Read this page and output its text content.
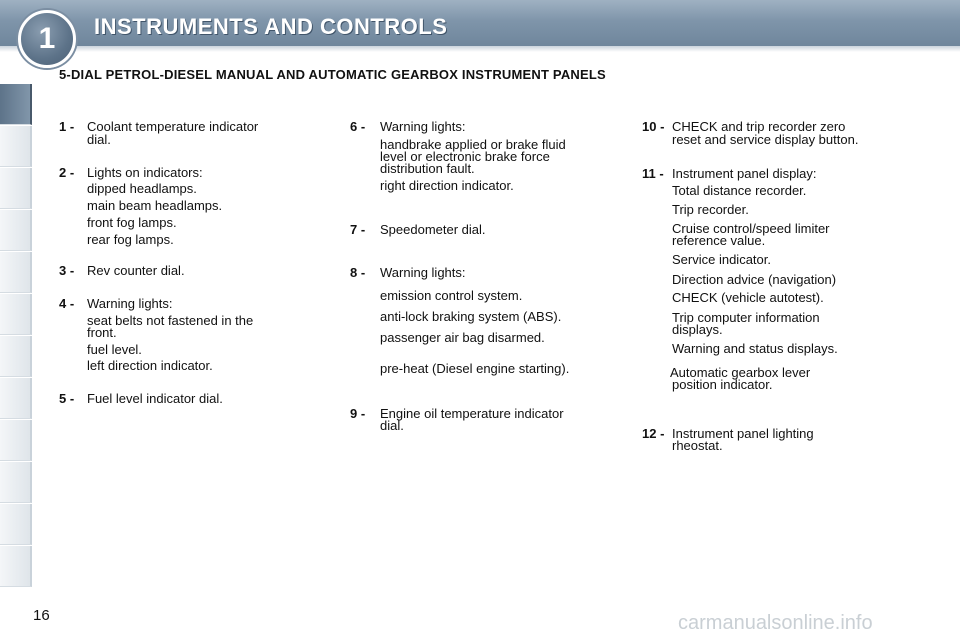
1 INSTRUMENTS AND CONTROLS
5-DIAL PETROL-DIESEL MANUAL AND AUTOMATIC GEARBOX INSTRUMENT PANELS
1 - Coolant temperature indicator
dial.
2 - Lights on indicators:
dipped headlamps.
main beam headlamps.
front fog lamps.
rear fog lamps.
3 - Rev counter dial.
4 - Warning lights:
seat belts not fastened in the
front.
fuel level.
left direction indicator.
5 - Fuel level indicator dial.
6 - Warning lights:
handbrake applied or brake fluid
level or electronic brake force
distribution fault.
right direction indicator.
7 - Speedometer dial.
8 - Warning lights:
emission control system.
anti-lock braking system (ABS).
passenger air bag disarmed.
pre-heat (Diesel engine starting).
9 - Engine oil temperature indicator
dial.
10 - CHECK and trip recorder zero
reset and service display button.
11 - Instrument panel display:
Total distance recorder.
Trip recorder.
Cruise control/speed limiter
reference value.
Service indicator.
Direction advice (navigation)
CHECK (vehicle autotest).
Trip computer information
displays.
Warning and status displays.
Automatic gearbox lever
position indicator.
12 - Instrument panel lighting
rheostat.
16	carmanualsonline.info
